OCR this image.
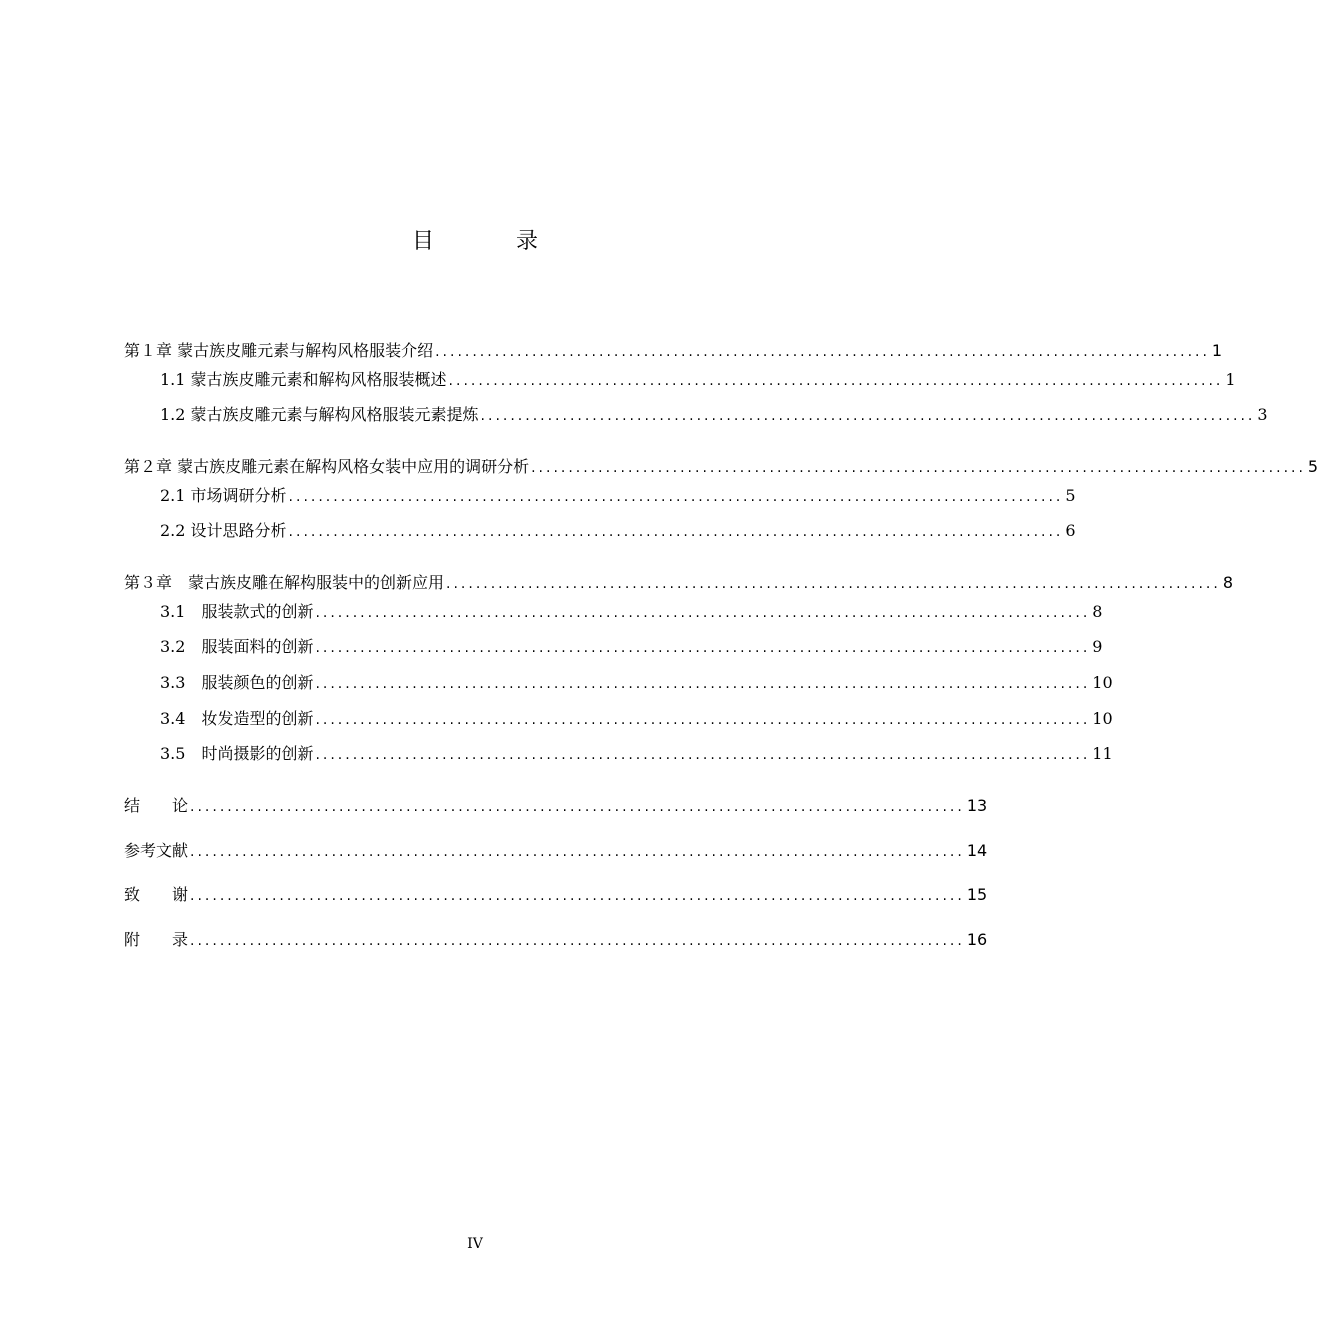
目　录
第１章 蒙古族皮雕元素与解构风格服装介绍 ........................................................................................................ 1
1.1 蒙古族皮雕元素和解构风格服装概述 ........................................................................................................ 1
1.2 蒙古族皮雕元素与解构风格服装元素提炼 ........................................................................................................ 3
第２章 蒙古族皮雕元素在解构风格女装中应用的调研分析 ........................................................................................................ 5
2.1 市场调研分析 ........................................................................................................ 5
2.2 设计思路分析 ........................................................................................................ 6
第３章　蒙古族皮雕在解构服装中的创新应用 ........................................................................................................ 8
3.1　服装款式的创新 ........................................................................................................ 8
3.2　服装面料的创新 ........................................................................................................ 9
3.3　服装颜色的创新 ........................................................................................................ 10
3.4　妆发造型的创新 ........................................................................................................ 10
3.5　时尚摄影的创新 ........................................................................................................ 11
结　　论 ........................................................................................................ 13
参考文献 ........................................................................................................ 14
致　　谢 ........................................................................................................ 15
附　　录 ........................................................................................................ 16
IV
